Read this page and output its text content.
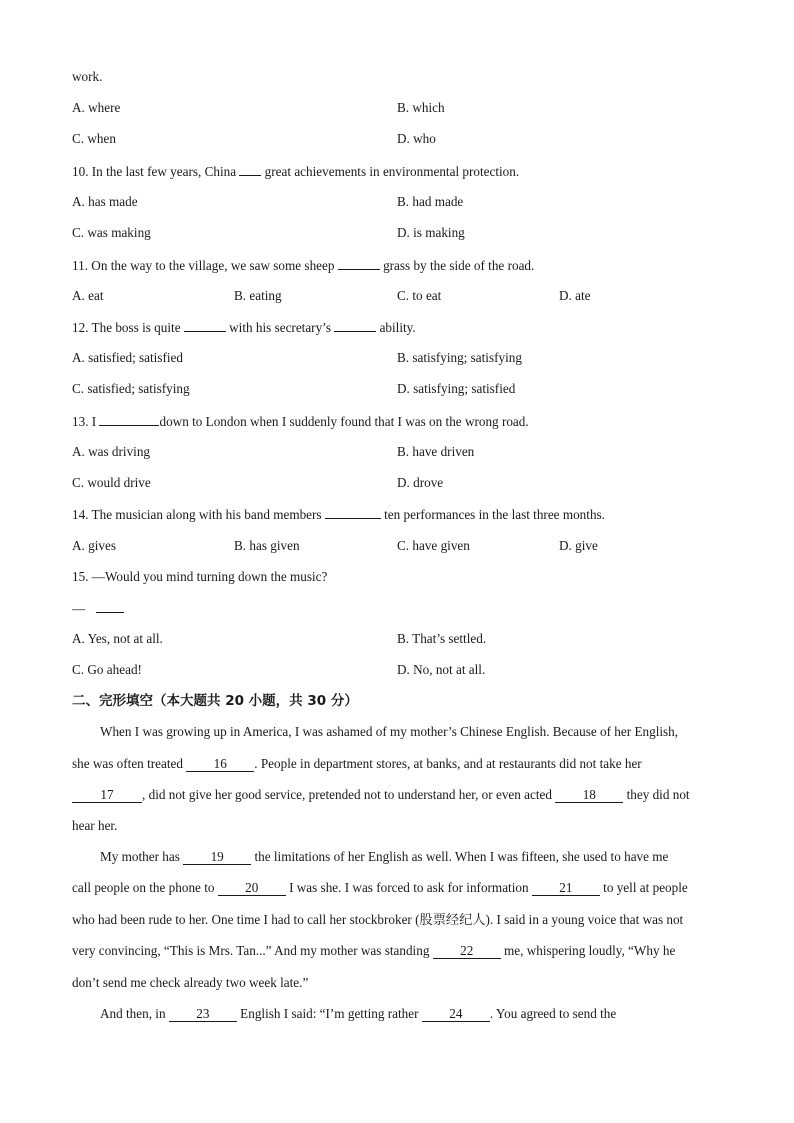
work.
A. where	B. which
C. when	D. who
10. In the last few years, China great achievements in environmental protection.
A. has made	B. had made
C. was making	D. is making
11. On the way to the village, we saw some sheep	grass by the side of the road.
A. eat	B. eating	C. to eat	D. ate
12. The boss is quite	with his secretary’s	ability.
A. satisfied; satisfied	B. satisfying; satisfying
C. satisfied; satisfying	D. satisfying; satisfied
13. I	down to London when I suddenly found that I was on the wrong road.
A. was driving	B. have driven
C. would drive	D. drove
14. The musician along with his band members	ten performances in the last three months.
A. gives	B. has given	C. have given	D. give
15. —Would you mind turning down the music?
—
A. Yes, not at all.	B. That’s settled.
C. Go ahead!	D. No, not at all.
二、完形填空（本大题共 20 小题，共 30 分）
When I was growing up in America, I was ashamed of my mother’s Chinese English. Because of her English,
she was often treated 16 . People in department stores, at banks, and at restaurants did not take her
17 , did not give her good service, pretended not to understand her, or even acted 18 they did not
hear her.
My mother has 19 the limitations of her English as well. When I was fifteen, she used to have me
call people on the phone to 20 I was she. I was forced to ask for information 21 to yell at people
who had been rude to her. One time I had to call her stockbroker (股票经纪人). I said in a young voice that was not
very convincing, “This is Mrs. Tan...” And my mother was standing 22 me, whispering loudly, “Why he
don’t send me check already two week late.”
And then, in 23 English I said: “I’m getting rather 24 . You agreed to send the
